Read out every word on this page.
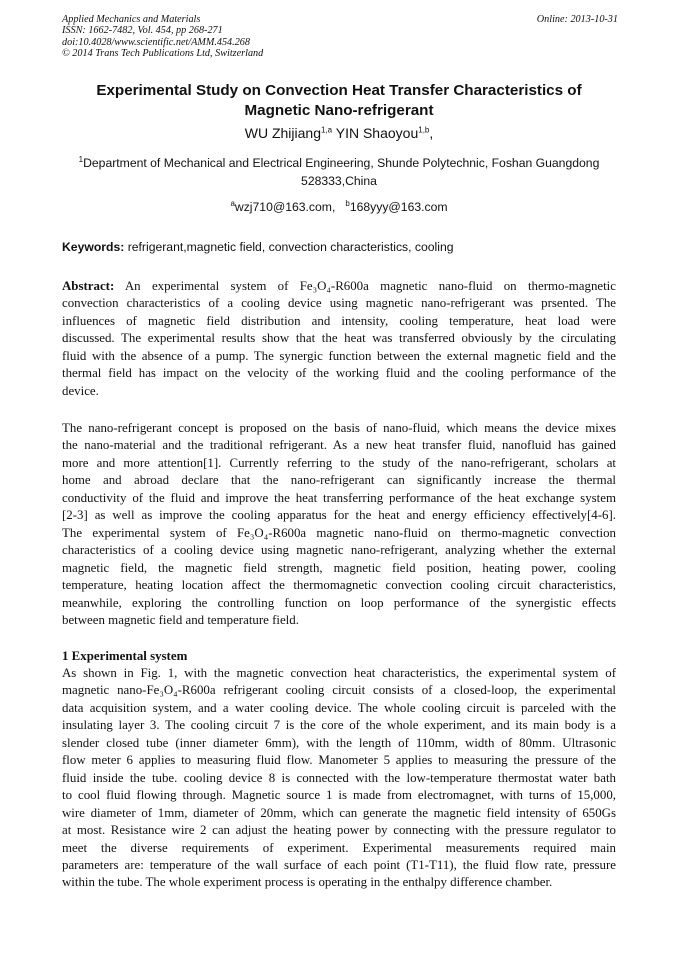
Applied Mechanics and Materials
ISSN: 1662-7482, Vol. 454, pp 268-271
doi:10.4028/www.scientific.net/AMM.454.268
© 2014 Trans Tech Publications Ltd, Switzerland
Online: 2013-10-31
Experimental Study on Convection Heat Transfer Characteristics of
Magnetic Nano-refrigerant
WU Zhijiang$^{1,a}$ YIN Shaoyou$^{1,b}$,
$^1$Department of Mechanical and Electrical Engineering, Shunde Polytechnic, Foshan Guangdong
528333,China
$^a$wzj710@163.com, $^b$168yyy@163.com
Keywords: refrigerant,magnetic field, convection characteristics, cooling
Abstract: An experimental system of Fe₃O₄-R600a magnetic nano-fluid on thermo-magnetic
convection characteristics of a cooling device using magnetic nano-refrigerant was prsented. The
influences of magnetic field distribution and intensity, cooling temperature, heat load were
discussed. The experimental results show that the heat was transferred obviously by the circulating
fluid with the absence of a pump. The synergic function between the external magnetic field and the
thermal field has impact on the velocity of the working fluid and the cooling performance of the
device.
The nano-refrigerant concept is proposed on the basis of nano-fluid, which means the device mixes
the nano-material and the traditional refrigerant. As a new heat transfer fluid, nanofluid has gained
more and more attention[1]. Currently referring to the study of the nano-refrigerant, scholars at
home and abroad declare that the nano-refrigerant can significantly increase the thermal
conductivity of the fluid and improve the heat transferring performance of the heat exchange system
[2-3] as well as improve the cooling apparatus for the heat and energy efficiency effectively[4-6].
The experimental system of Fe₃O₄-R600a magnetic nano-fluid on thermo-magnetic convection
characteristics of a cooling device using magnetic nano-refrigerant, analyzing whether the external
magnetic field, the magnetic field strength, magnetic field position, heating power, cooling
temperature, heating location affect the thermomagnetic convection cooling circuit characteristics,
meanwhile, exploring the controlling function on loop performance of the synergistic effects
between magnetic field and temperature field.
1 Experimental system
As shown in Fig. 1, with the magnetic convection heat characteristics, the experimental system of
magnetic nano-Fe₃O₄-R600a refrigerant cooling circuit consists of a closed-loop, the experimental
data acquisition system, and a water cooling device. The whole cooling circuit is parceled with the
insulating layer 3. The cooling circuit 7 is the core of the whole experiment, and its main body is a
slender closed tube (inner diameter 6mm), with the length of 110mm, width of 80mm. Ultrasonic
flow meter 6 applies to measuring fluid flow. Manometer 5 applies to measuring the pressure of the
fluid inside the tube. cooling device 8 is connected with the low-temperature thermostat water bath
to cool fluid flowing through. Magnetic source 1 is made from electromagnet, with turns of 15,000,
wire diameter of 1mm, diameter of 20mm, which can generate the magnetic field intensity of 650Gs
at most. Resistance wire 2 can adjust the heating power by connecting with the pressure regulator to
meet the diverse requirements of experiment. Experimental measurements required main
parameters are: temperature of the wall surface of each point (T1-T11), the fluid flow rate, pressure
within the tube. The whole experiment process is operating in the enthalpy difference chamber.
